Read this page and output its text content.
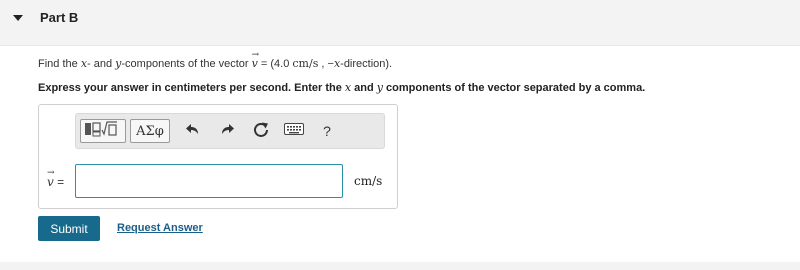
Part B
Find the x- and y-components of the vector
→
v = (4.0 cm/s , −x-direction).
Express your answer in centimeters per second. Enter the x and y components of the vector separated by a comma.
ΑΣφ	?
→
v =	cm/s
Submit	Request Answer
